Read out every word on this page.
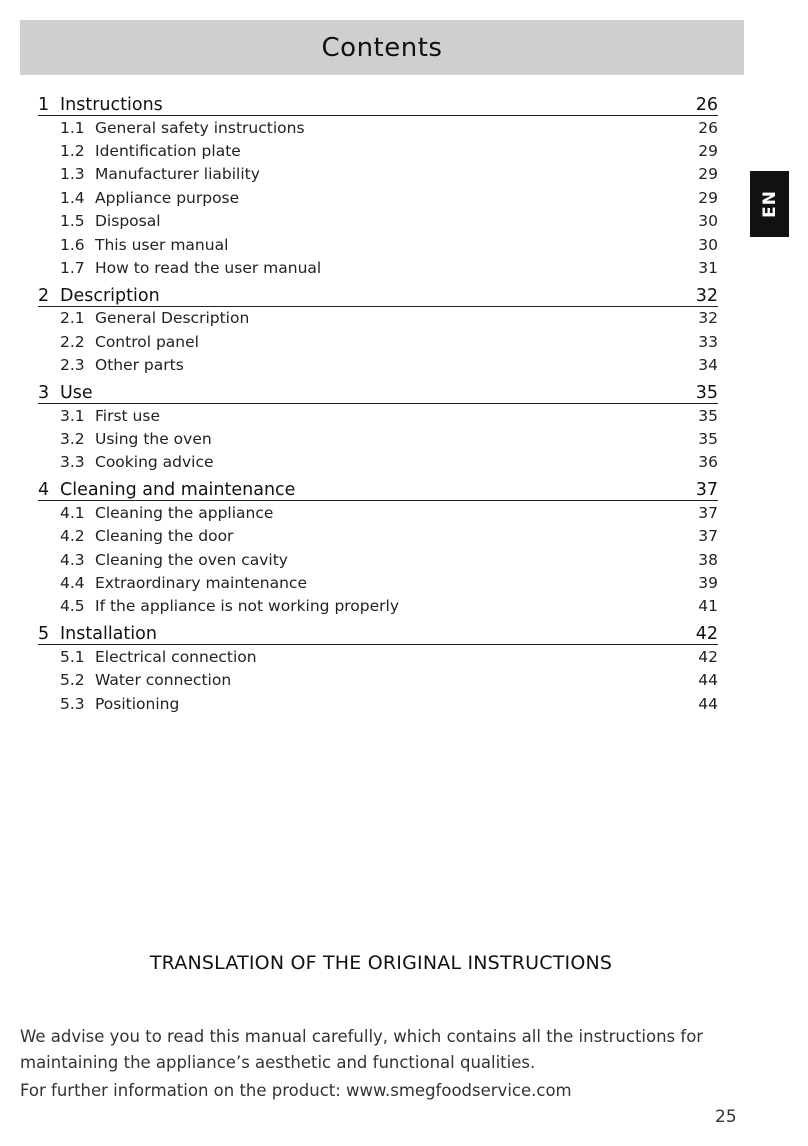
Contents
EN
1 Instructions	26
1.1 General safety instructions	26
1.2 Identification plate	29
1.3 Manufacturer liability	29
1.4 Appliance purpose	29
1.5 Disposal	30
1.6 This user manual	30
1.7 How to read the user manual	31
2 Description	32
2.1 General Description	32
2.2 Control panel	33
2.3 Other parts	34
3 Use	35
3.1 First use	35
3.2 Using the oven	35
3.3 Cooking advice	36
4 Cleaning and maintenance	37
4.1 Cleaning the appliance	37
4.2 Cleaning the door	37
4.3 Cleaning the oven cavity	38
4.4 Extraordinary maintenance	39
4.5 If the appliance is not working properly	41
5 Installation	42
5.1 Electrical connection	42
5.2 Water connection	44
5.3 Positioning	44
TRANSLATION OF THE ORIGINAL INSTRUCTIONS

We advise you to read this manual carefully, which contains all the instructions for

maintaining the appliance’s aesthetic and functional qualities.

For further information on the product: www.smegfoodservice.com

25
